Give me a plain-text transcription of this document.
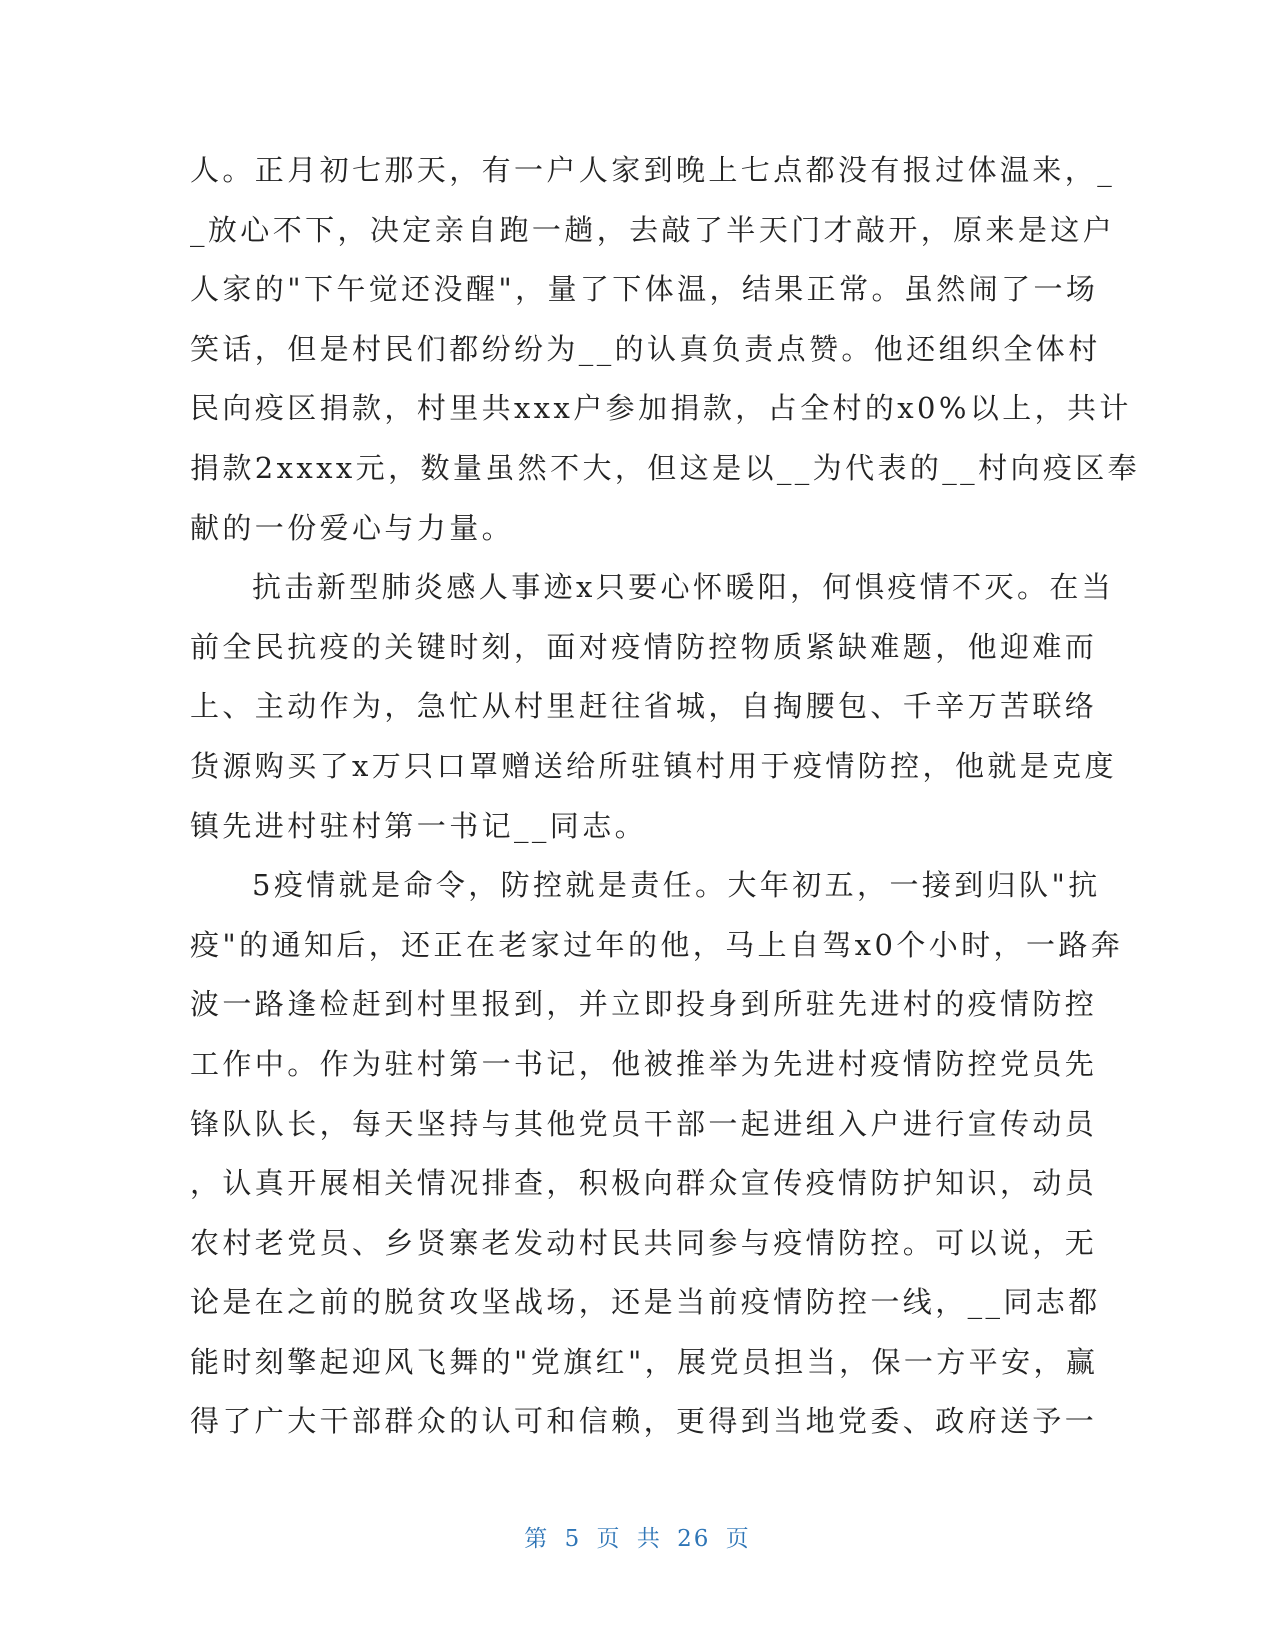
人。正月初七那天，有一户人家到晚上七点都没有报过体温来，_
_放心不下，决定亲自跑一趟，去敲了半天门才敲开，原来是这户
人家的"下午觉还没醒"，量了下体温，结果正常。虽然闹了一场
笑话，但是村民们都纷纷为__的认真负责点赞。他还组织全体村
民向疫区捐款，村里共xxx户参加捐款，占全村的x0%以上，共计
捐款2xxxx元，数量虽然不大，但这是以__为代表的__村向疫区奉
献的一份爱心与力量。
抗击新型肺炎感人事迹x只要心怀暖阳，何惧疫情不灭。在当
前全民抗疫的关键时刻，面对疫情防控物质紧缺难题，他迎难而
上、主动作为，急忙从村里赶往省城，自掏腰包、千辛万苦联络
货源购买了x万只口罩赠送给所驻镇村用于疫情防控，他就是克度
镇先进村驻村第一书记__同志。
5疫情就是命令，防控就是责任。大年初五，一接到归队"抗
疫"的通知后，还正在老家过年的他，马上自驾x0个小时，一路奔
波一路逢检赶到村里报到，并立即投身到所驻先进村的疫情防控
工作中。作为驻村第一书记，他被推举为先进村疫情防控党员先
锋队队长，每天坚持与其他党员干部一起进组入户进行宣传动员
，认真开展相关情况排查，积极向群众宣传疫情防护知识，动员
农村老党员、乡贤寨老发动村民共同参与疫情防控。可以说，无
论是在之前的脱贫攻坚战场，还是当前疫情防控一线，__同志都
能时刻擎起迎风飞舞的"党旗红"，展党员担当，保一方平安，赢
得了广大干部群众的认可和信赖，更得到当地党委、政府送予一
第 5 页 共 26 页
